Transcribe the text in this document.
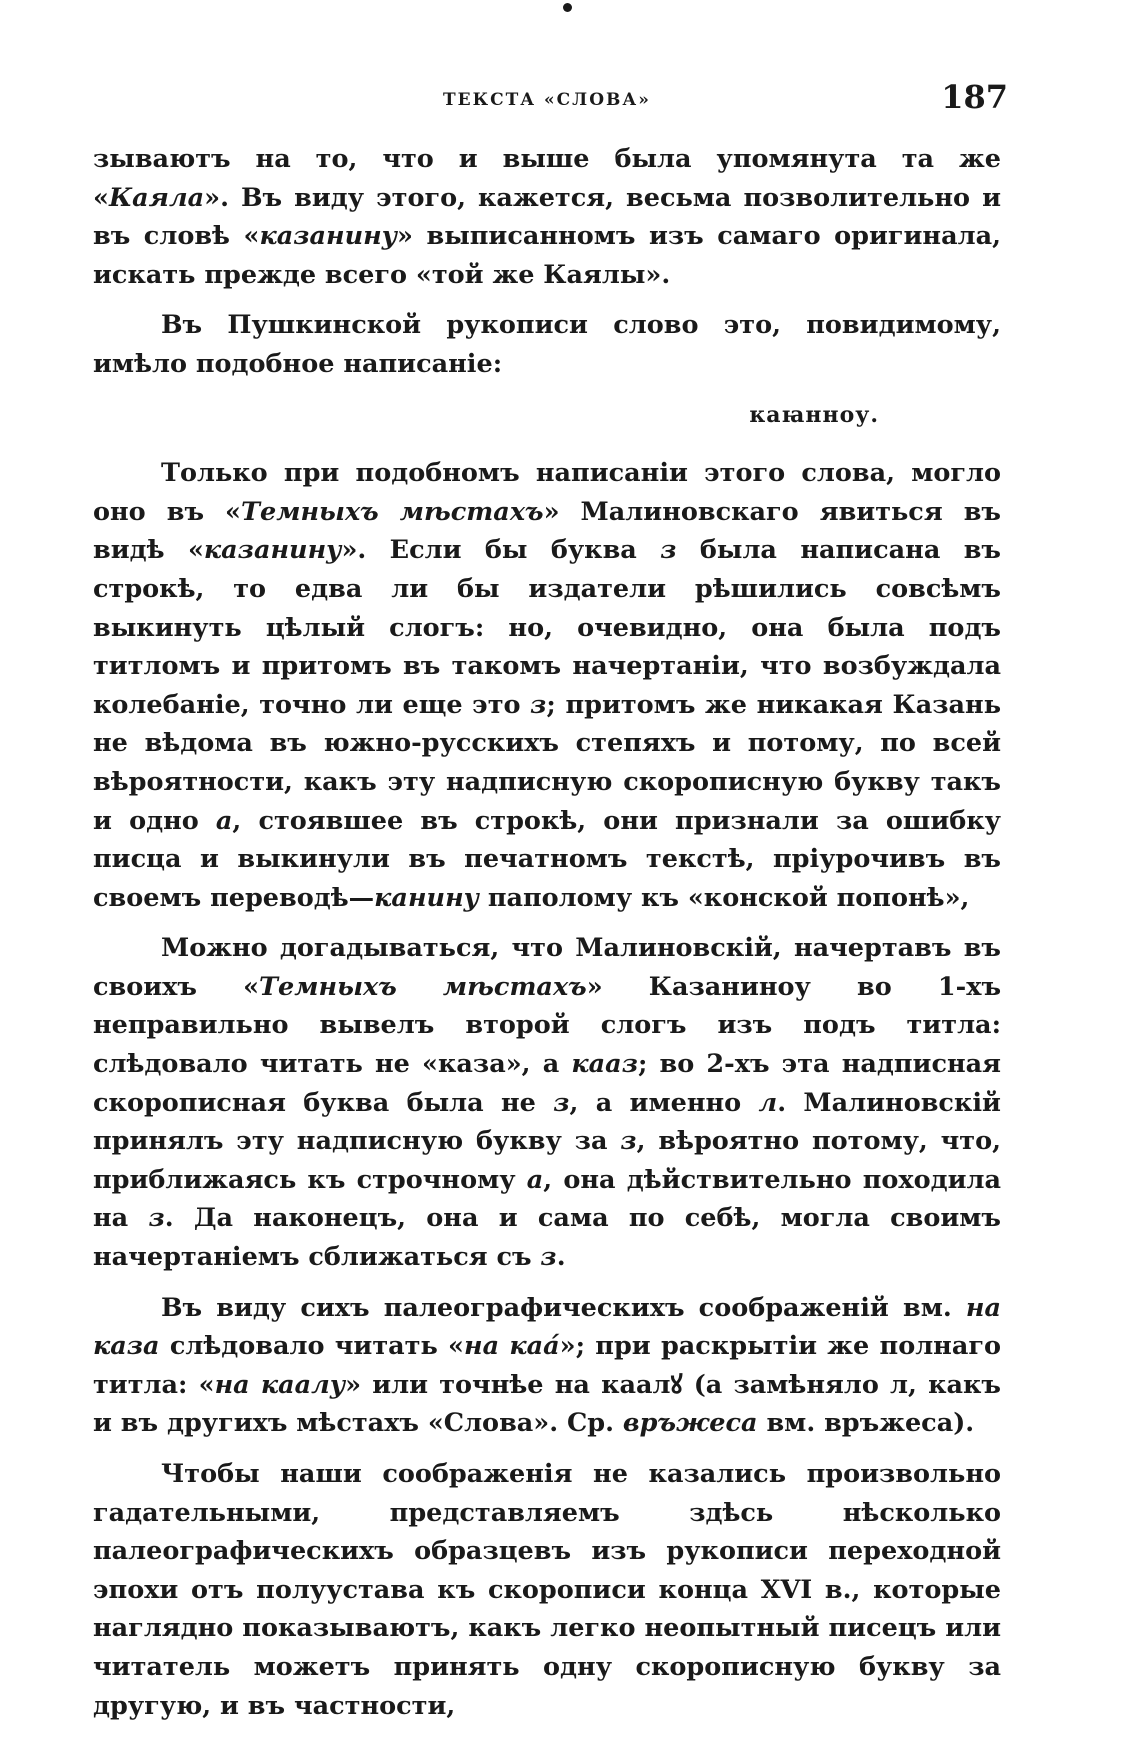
ТЕКСТА «СЛОВА»	187

зываютъ на то, что и выше была упомянута та же «Каяла». Въ виду этого, кажется, весьма позволительно и въ словѣ «казанину» выписанномъ изъ самаго оригинала, искать прежде всего «той же Каялы».

Въ Пушкинской рукописи слово это, повидимому, имѣло подобное написаніе:

каꙗнноу.

Только при подобномъ написаніи этого слова, могло оно въ «Темныхъ мѣстахъ» Малиновскаго явиться въ видѣ «казанину». Если бы буква з была написана въ строкѣ, то едва ли бы издатели рѣшились совсѣмъ выкинуть цѣлый слогъ: но, очевидно, она была подъ титломъ и притомъ въ такомъ начертаніи, что возбуждала колебаніе, точно ли еще это з; притомъ же никакая Казань не вѣдома въ южно-русскихъ степяхъ и потому, по всей вѣроятности, какъ эту надписную скорописную букву такъ и одно а, стоявшее въ строкѣ, они признали за ошибку писца и выкинули въ печатномъ текстѣ, пріурочивъ въ своемъ переводѣ—канину паполому къ «конской попонѣ»,

Можно догадываться, что Малиновскій, начертавъ въ своихъ «Темныхъ мѣстахъ» Казаниноу во 1-хъ неправильно вывелъ второй слогъ изъ подъ титла: слѣдовало читать не «каза», а кааз; во 2-хъ эта надписная скорописная буква была не з, а именно л. Малиновскій принялъ эту надписную букву за з, вѣроятно потому, что, приближаясь къ строчному а, она дѣйствительно походила на з. Да наконецъ, она и сама по себѣ, могла своимъ начертаніемъ сближаться съ з.

Въ виду сихъ палеографическихъ соображеній вм. на каза слѣдовало читать «на каа́»; при раскрытіи же полнаго титла: «на каалу» или точнѣе на каалꙋ (а замѣняло л, какъ и въ другихъ мѣстахъ «Слова». Ср. връжеса вм. връжеса).

Чтобы наши соображенія не казались произвольно гадательными, представляемъ здѣсь нѣсколько палеографическихъ образцевъ изъ рукописи переходной эпохи отъ полуустава къ скорописи конца XVI в., которые наглядно показываютъ, какъ легко неопытный писецъ или читатель можетъ принять одну скорописную букву за другую, и въ частности,
